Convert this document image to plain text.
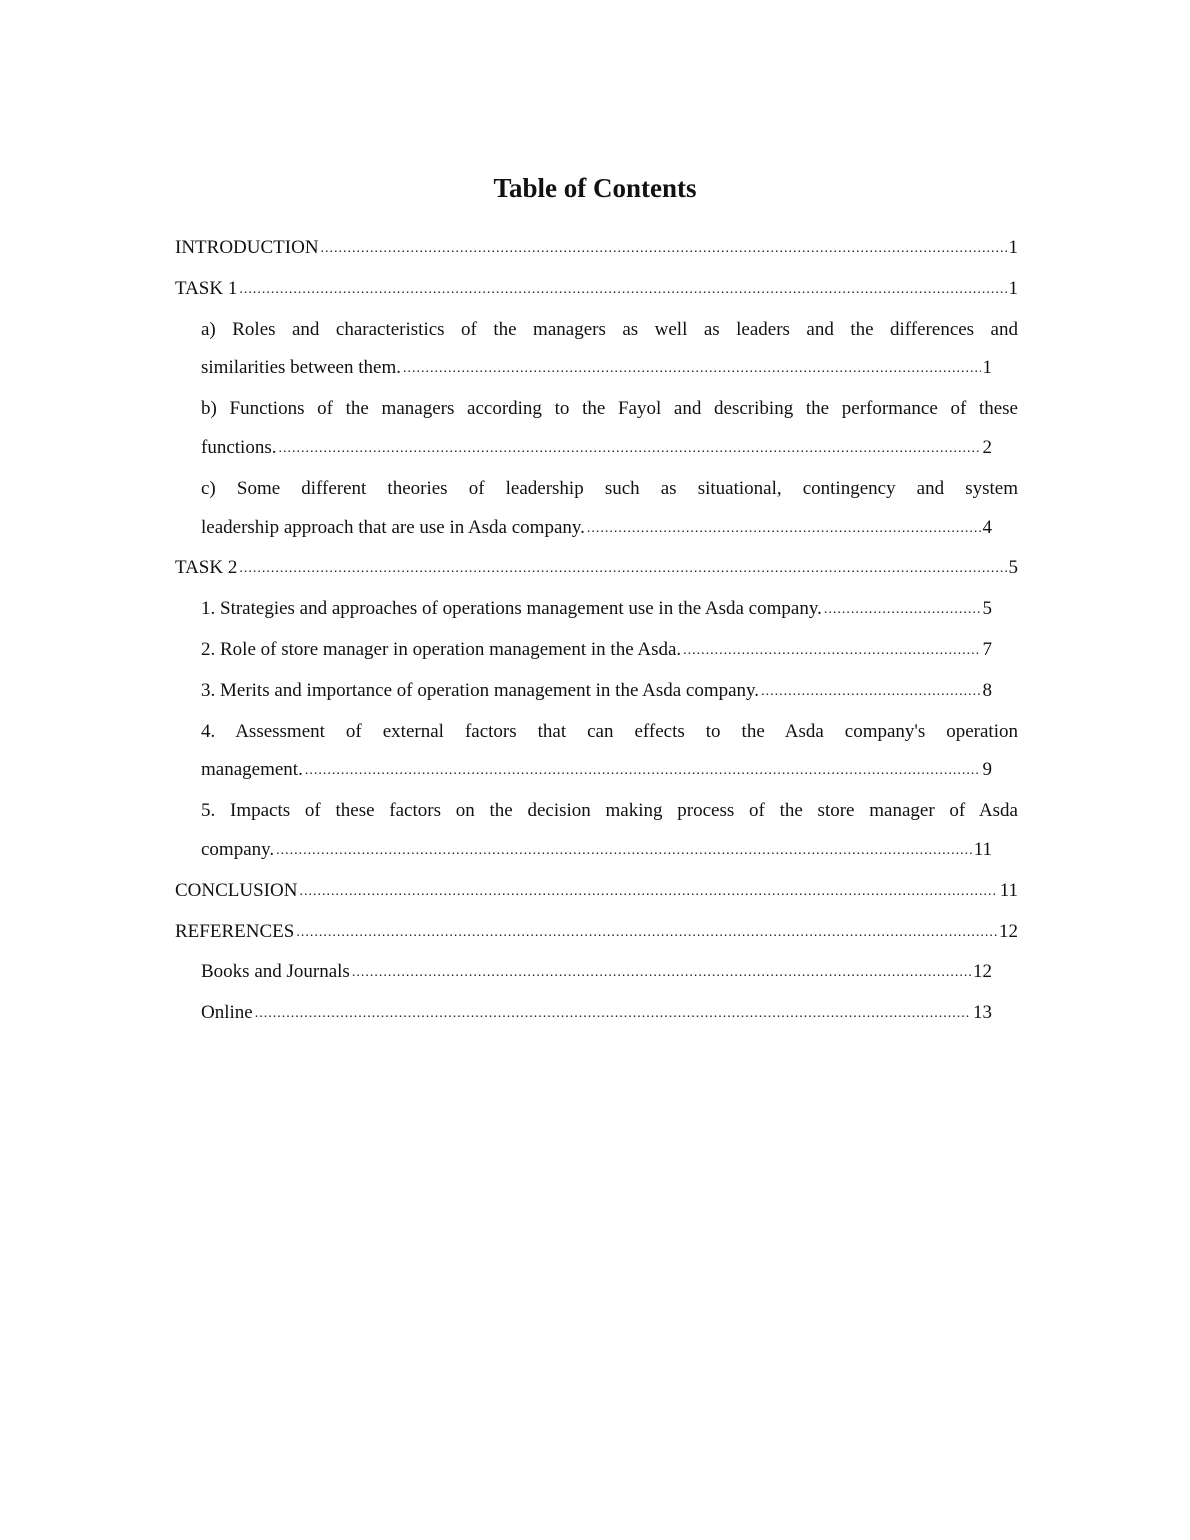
Table of Contents
INTRODUCTION .....	1
TASK 1 .....	1
a) Roles and characteristics of the managers as well as leaders and the differences and
similarities between them. .....	1
b) Functions of the managers according to the Fayol and describing the performance of these
functions. .....	2
c) Some different theories of leadership such as situational, contingency and system
leadership approach that are use in Asda company. .....	4
TASK 2 .....	5
1. Strategies and approaches of operations management use in the Asda company. .....	5
2. Role of store manager in operation management in the Asda. .....	7
3. Merits and importance of operation management in the Asda company. .....	8
4. Assessment of external factors that can effects to the Asda company's operation
management. .....	9
5. Impacts of these factors on the decision making process of the store manager of Asda
company. .....	11
CONCLUSION .....	11
REFERENCES .....	12
Books and Journals .....	12
Online .....	13
